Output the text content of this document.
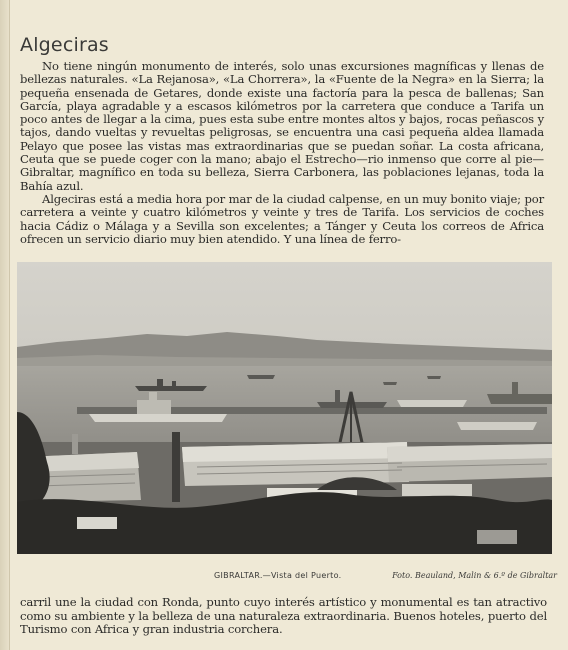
Algeciras

No tiene ningún monumento de interés, solo unas excursiones magníficas y llenas de bellezas naturales. «La Rejanosa», «La Chorrera», la «Fuente de la Negra» en la Sierra; la pequeña ensenada de Getares, donde existe una factoría para la pesca de ballenas; San García, playa agradable y a escasos kilómetros por la carretera que conduce a Tarifa un poco antes de llegar a la cima, pues esta sube entre montes altos y bajos, rocas peñascos y tajos, dando vueltas y revueltas peligrosas, se encuentra una casi pequeña aldea llamada Pelayo que posee las vistas mas extraordinarias que se puedan soñar. La costa africana, Ceuta que se puede coger con la mano; abajo el Estrecho—rio inmenso que corre al pie—Gibraltar, magnífico en toda su belleza, Sierra Carbonera, las poblaciones lejanas, toda la Bahía azul.

Algeciras está a media hora por mar de la ciudad calpense, en un muy bonito viaje; por carretera a veinte y cuatro kilómetros y veinte y tres de Tarifa. Los servicios de coches hacia Cádiz o Málaga y a Sevilla son excelentes; a Tánger y Ceuta los correos de Africa ofrecen un servicio diario muy bien atendido. Y una línea de ferro-

GIBRALTAR.—Vista del Puerto.	Foto. Beauland, Malin & 6.º de Gibraltar

carril une la ciudad con Ronda, punto cuyo interés artístico y monumental es tan atractivo como su ambiente y la belleza de una naturaleza extraordinaria. Buenos hoteles, puerto del Turismo con Africa y gran industria corchera.
